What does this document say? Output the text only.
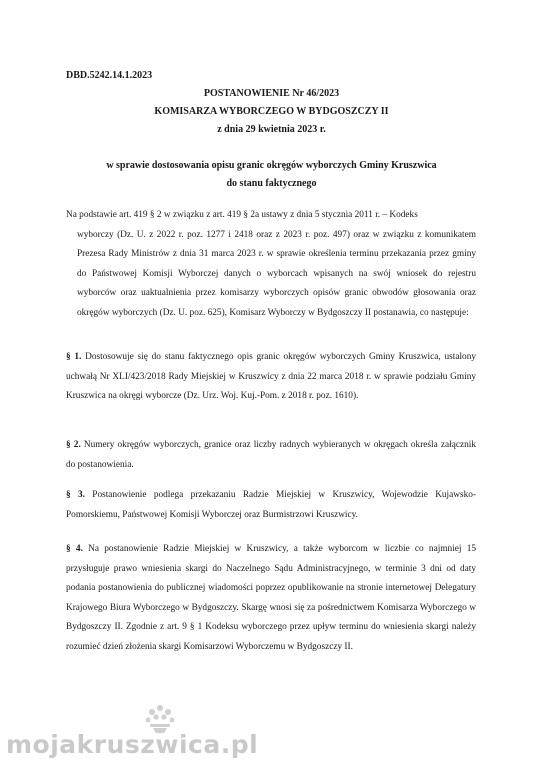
DBD.5242.14.1.2023
POSTANOWIENIE Nr 46/2023
KOMISARZA WYBORCZEGO W BYDGOSZCZY II
z dnia 29 kwietnia 2023 r.
w sprawie dostosowania opisu granic okręgów wyborczych Gminy Kruszwica
do stanu faktycznego
Na podstawie art. 419 § 2 w związku z art. 419 § 2a ustawy z dnia 5 stycznia 2011 r. – Kodeks
wyborczy (Dz. U. z 2022 r. poz. 1277 i 2418 oraz z 2023 r. poz. 497) oraz w związku z komunikatem Prezesa Rady Ministrów z dnia 31 marca 2023 r. w sprawie określenia terminu przekazania przez gminy do Państwowej Komisji Wyborczej danych o wyborcach wpisanych na swój wniosek do rejestru wyborców oraz uaktualnienia przez komisarzy wyborczych opisów granic obwodów głosowania oraz okręgów wyborczych (Dz. U. poz. 625), Komisarz Wyborczy w Bydgoszczy II postanawia, co następuje:
§ 1. Dostosowuje się do stanu faktycznego opis granic okręgów wyborczych Gminy Kruszwica, ustalony uchwałą Nr XLI/423/2018 Rady Miejskiej w Kruszwicy z dnia 22 marca 2018 r. w sprawie podziału Gminy Kruszwica na okręgi wyborcze (Dz. Urz. Woj. Kuj.-Pom. z 2018 r. poz. 1610).
§ 2. Numery okręgów wyborczych, granice oraz liczby radnych wybieranych w okręgach określa załącznik do postanowienia.
§ 3. Postanowienie podlega przekazaniu Radzie Miejskiej w Kruszwicy, Wojewodzie Kujawsko-Pomorskiemu, Państwowej Komisji Wyborczej oraz Burmistrzowi Kruszwicy.
§ 4. Na postanowienie Radzie Miejskiej w Kruszwicy, a także wyborcom w liczbie co najmniej 15 przysługuje prawo wniesienia skargi do Naczelnego Sądu Administracyjnego, w terminie 3 dni od daty podania postanowienia do publicznej wiadomości poprzez opublikowanie na stronie internetowej Delegatury Krajowego Biura Wyborczego w Bydgoszczy. Skargę wnosi się za pośrednictwem Komisarza Wyborczego w Bydgoszczy II. Zgodnie z art. 9 § 1 Kodeksu wyborczego przez upływ terminu do wniesienia skargi należy rozumieć dzień złożenia skargi Komisarzowi Wyborczemu w Bydgoszczy II.
mojakruszwica.pl
